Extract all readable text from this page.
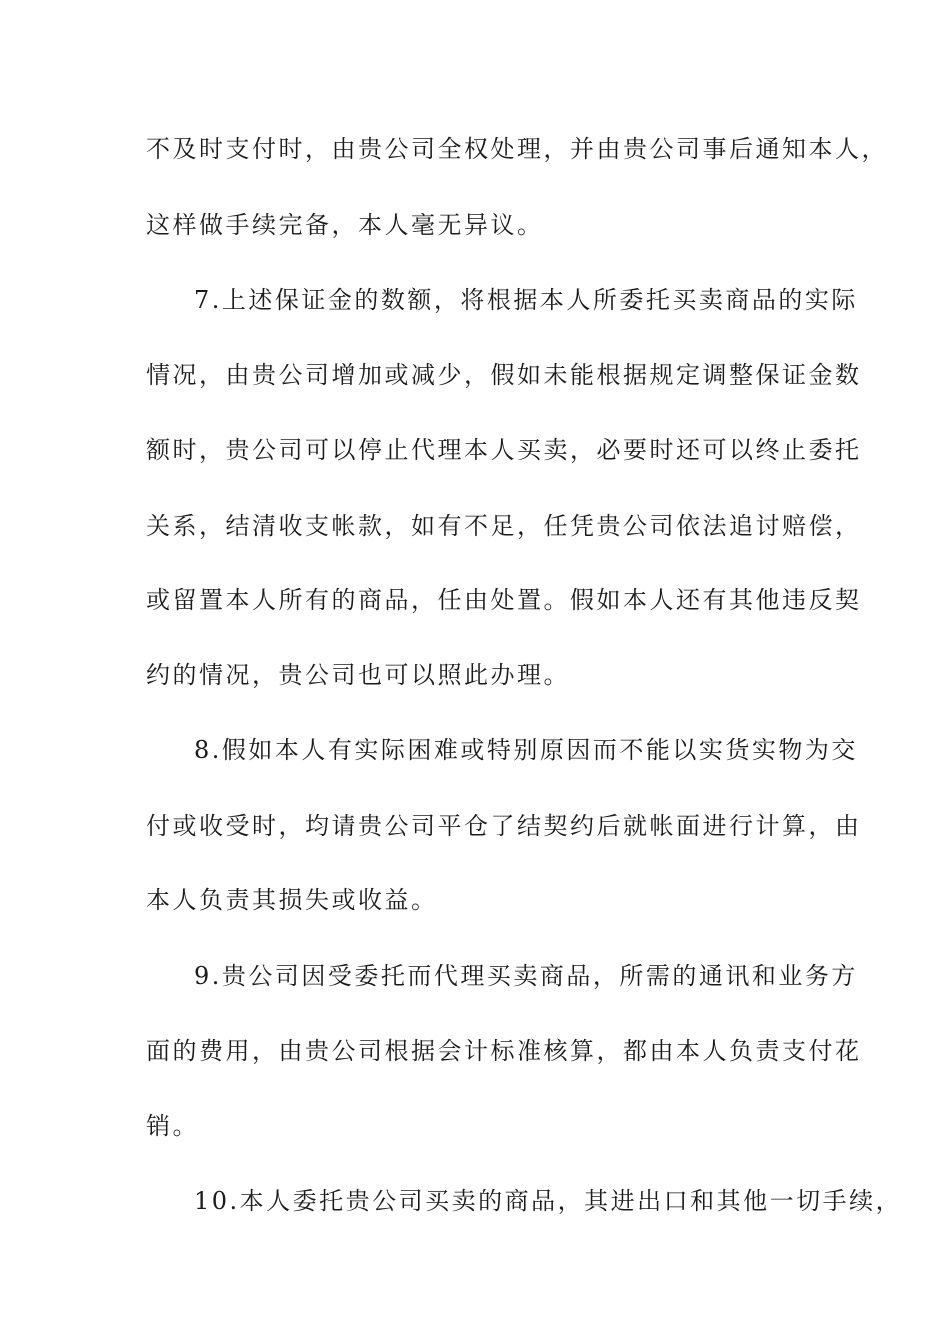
不及时支付时，由贵公司全权处理，并由贵公司事后通知本人，
这样做手续完备，本人毫无异议。
7.上述保证金的数额，将根据本人所委托买卖商品的实际
情况，由贵公司增加或减少，假如未能根据规定调整保证金数
额时，贵公司可以停止代理本人买卖，必要时还可以终止委托
关系，结清收支帐款，如有不足，任凭贵公司依法追讨赔偿，
或留置本人所有的商品，任由处置。假如本人还有其他违反契
约的情况，贵公司也可以照此办理。
8.假如本人有实际困难或特别原因而不能以实货实物为交
付或收受时，均请贵公司平仓了结契约后就帐面进行计算，由
本人负责其损失或收益。
9.贵公司因受委托而代理买卖商品，所需的通讯和业务方
面的费用，由贵公司根据会计标准核算，都由本人负责支付花
销。
10.本人委托贵公司买卖的商品，其进出口和其他一切手续，
